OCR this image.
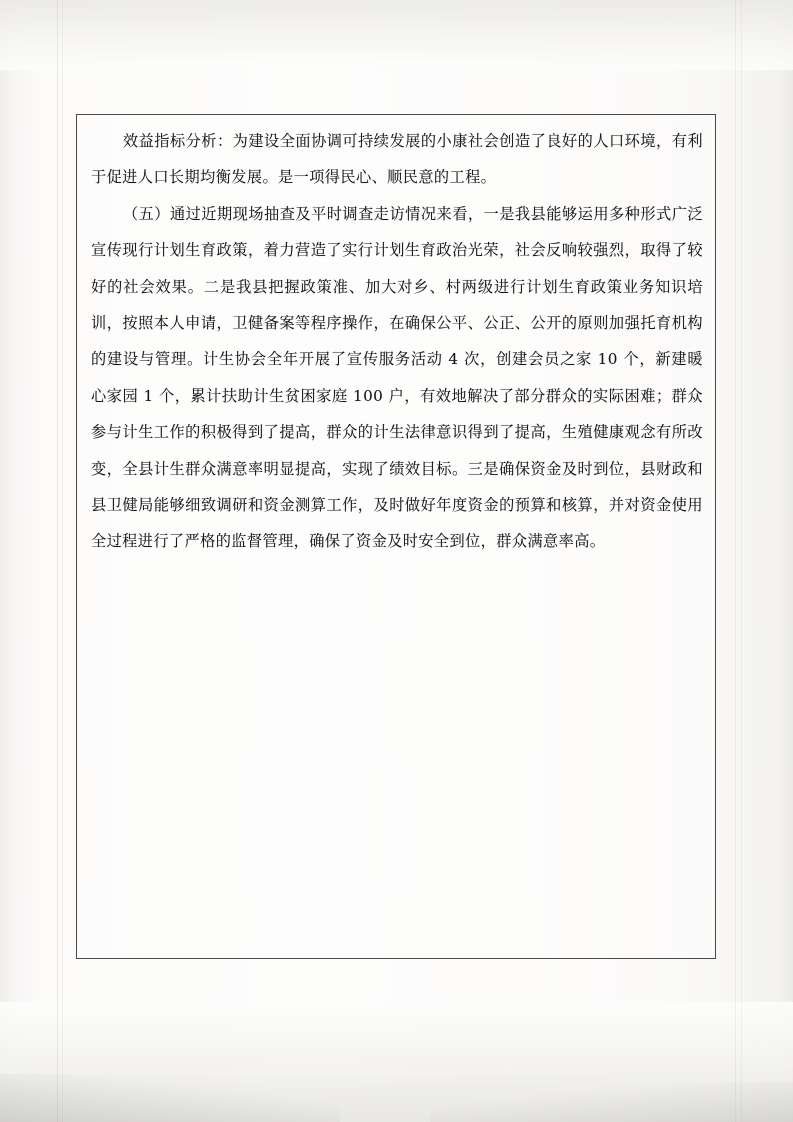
效益指标分析：为建设全面协调可持续发展的小康社会创造了良好的人口环境，有利于促进人口长期均衡发展。是一项得民心、顺民意的工程。

（五）通过近期现场抽查及平时调查走访情况来看，一是我县能够运用多种形式广泛宣传现行计划生育政策，着力营造了实行计划生育政治光荣，社会反响较强烈，取得了较好的社会效果。二是我县把握政策准、加大对乡、村两级进行计划生育政策业务知识培训，按照本人申请，卫健备案等程序操作，在确保公平、公正、公开的原则加强托育机构的建设与管理。计生协会全年开展了宣传服务活动 4 次，创建会员之家 10 个，新建暖心家园 1 个，累计扶助计生贫困家庭 100 户，有效地解决了部分群众的实际困难；群众参与计生工作的积极得到了提高，群众的计生法律意识得到了提高，生殖健康观念有所改变，全县计生群众满意率明显提高，实现了绩效目标。三是确保资金及时到位，县财政和县卫健局能够细致调研和资金测算工作，及时做好年度资金的预算和核算，并对资金使用全过程进行了严格的监督管理，确保了资金及时安全到位，群众满意率高。
